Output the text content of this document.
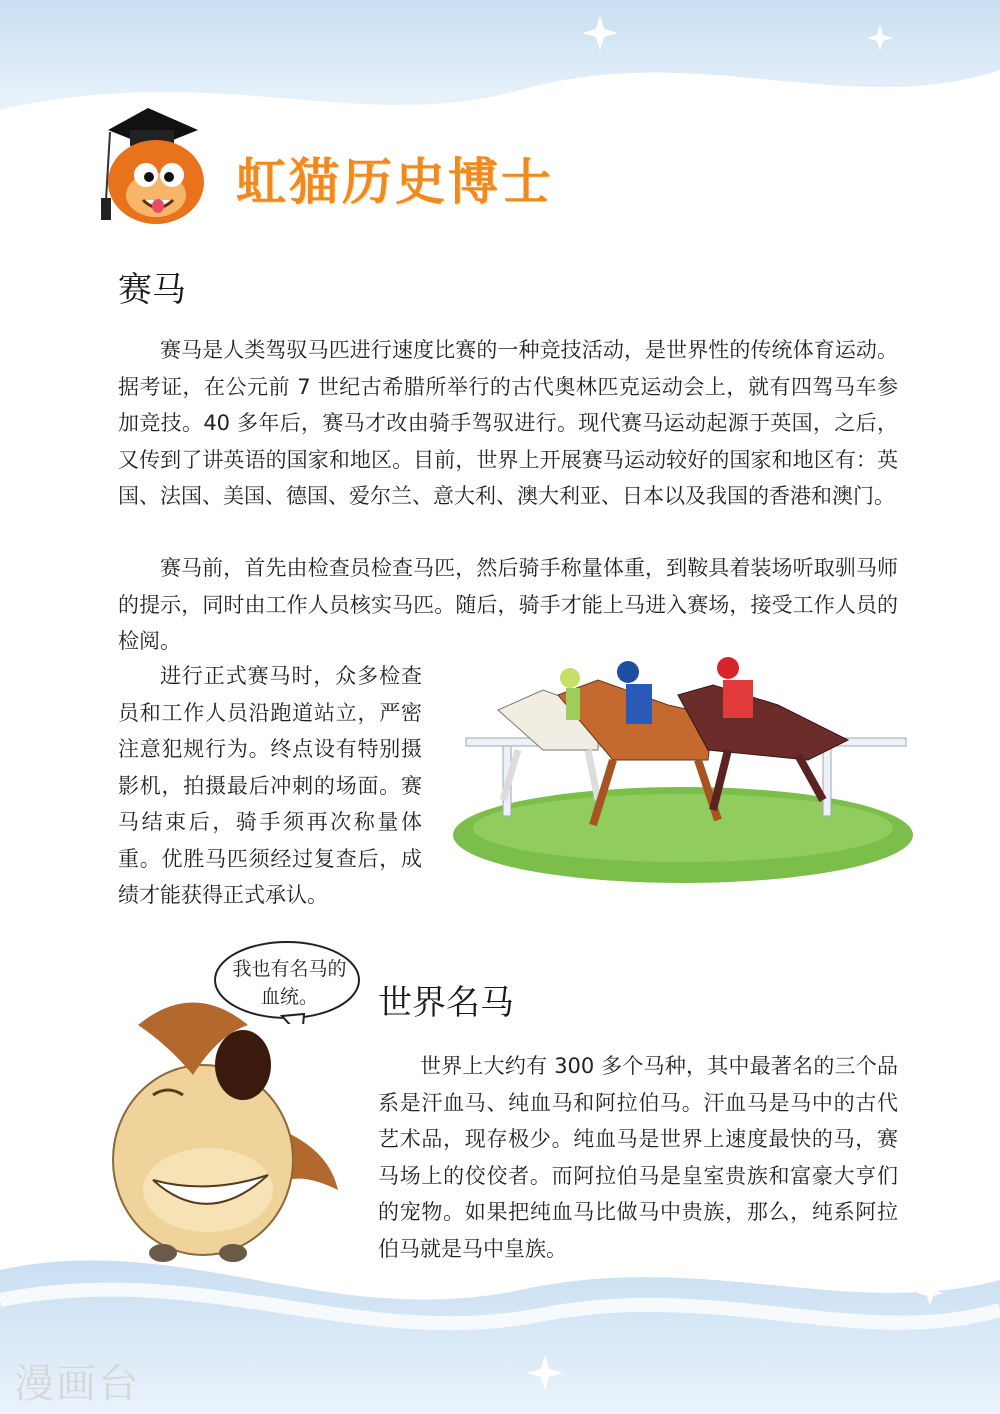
虹猫历史博士
赛马

赛马是人类驾驭马匹进行速度比赛的一种竞技活动，是世界性的传统体育运动。据考证，在公元前 7 世纪古希腊所举行的古代奥林匹克运动会上，就有四驾马车参加竞技。40 多年后，赛马才改由骑手驾驭进行。现代赛马运动起源于英国，之后，又传到了讲英语的国家和地区。目前，世界上开展赛马运动较好的国家和地区有：英国、法国、美国、德国、爱尔兰、意大利、澳大利亚、日本以及我国的香港和澳门。

赛马前，首先由检查员检查马匹，然后骑手称量体重，到鞍具着装场听取驯马师的提示，同时由工作人员核实马匹。随后，骑手才能上马进入赛场，接受工作人员的检阅。

进行正式赛马时，众多检查员和工作人员沿跑道站立，严密注意犯规行为。终点设有特别摄影机，拍摄最后冲刺的场面。赛马结束后，骑手须再次称量体重。优胜马匹须经过复查后，成绩才能获得正式承认。

我也有名马的血统。	世界名马

世界上大约有 300 多个马种，其中最著名的三个品系是汗血马、纯血马和阿拉伯马。汗血马是马中的古代艺术品，现存极少。纯血马是世界上速度最快的马，赛马场上的佼佼者。而阿拉伯马是皇室贵族和富豪大亨们的宠物。如果把纯血马比做马中贵族，那么，纯系阿拉伯马就是马中皇族。

漫画台
